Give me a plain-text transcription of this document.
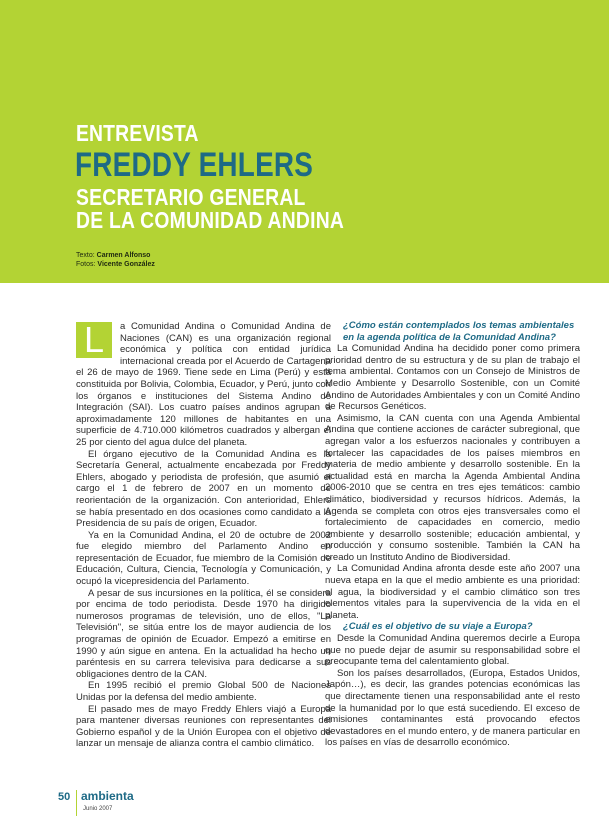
ENTREVISTA
FREDDY EHLERS
SECRETARIO GENERAL
DE LA COMUNIDAD ANDINA
Texto: Carmen Alfonso
Fotos: Vicente González
L	a Comunidad Andina o Comunidad Andina de Naciones (CAN) es una organización regional económica y política con entidad jurídica internacional creada por el Acuerdo de Cartagena el 26 de mayo de 1969. Tiene sede en Lima (Perú) y está constituida por Bolivia, Colombia, Ecuador, y Perú, junto con los órganos e instituciones del Sistema Andino de Integración (SAI). Los cuatro países andinos agrupan a aproximadamente 120 millones de habitantes en una superficie de 4.710.000 kilómetros cuadrados y albergan el 25 por ciento del agua dulce del planeta.

El órgano ejecutivo de la Comunidad Andina es la Secretaría General, actualmente encabezada por Freddy Ehlers, abogado y periodista de profesión, que asumió el cargo el 1 de febrero de 2007 en un momento de reorientación de la organización. Con anterioridad, Ehlers se había presentado en dos ocasiones como candidato a la Presidencia de su país de origen, Ecuador.

Ya en la Comunidad Andina, el 20 de octubre de 2002 fue elegido miembro del Parlamento Andino en representación de Ecuador, fue miembro de la Comisión de Educación, Cultura, Ciencia, Tecnología y Comunicación, y ocupó la vicepresidencia del Parlamento.

A pesar de sus incursiones en la política, él se considera por encima de todo periodista. Desde 1970 ha dirigido numerosos programas de televisión, uno de ellos, "La Televisión", se sitúa entre los de mayor audiencia de los programas de opinión de Ecuador. Empezó a emitirse en 1990 y aún sigue en antena. En la actualidad ha hecho un paréntesis en su carrera televisiva para dedicarse a sus obligaciones dentro de la CAN.

En 1995 recibió el premio Global 500 de Naciones Unidas por la defensa del medio ambiente.

El pasado mes de mayo Freddy Ehlers viajó a Europa para mantener diversas reuniones con representantes del Gobierno español y de la Unión Europea con el objetivo de lanzar un mensaje de alianza contra el cambio climático.

¿Cómo están contemplados los temas ambientales en la agenda política de la Comunidad Andina?

La Comunidad Andina ha decidido poner como primera prioridad dentro de su estructura y de su plan de trabajo el tema ambiental. Contamos con un Consejo de Ministros de Medio Ambiente y Desarrollo Sostenible, con un Comité Andino de Autoridades Ambientales y con un Comité Andino de Recursos Genéticos.

Asimismo, la CAN cuenta con una Agenda Ambiental Andina que contiene acciones de carácter subregional, que agregan valor a los esfuerzos nacionales y contribuyen a fortalecer las capacidades de los países miembros en materia de medio ambiente y desarrollo sostenible. En la actualidad está en marcha la Agenda Ambiental Andina 2006-2010 que se centra en tres ejes temáticos: cambio climático, biodiversidad y recursos hídricos. Además, la Agenda se completa con otros ejes transversales como el fortalecimiento de capacidades en comercio, medio ambiente y desarrollo sostenible; educación ambiental, y producción y consumo sostenible. También la CAN ha creado un Instituto Andino de Biodiversidad.

La Comunidad Andina afronta desde este año 2007 una nueva etapa en la que el medio ambiente es una prioridad: el agua, la biodiversidad y el cambio climático son tres elementos vitales para la supervivencia de la vida en el planeta.

¿Cuál es el objetivo de su viaje a Europa?

Desde la Comunidad Andina queremos decirle a Europa que no puede dejar de asumir su responsabilidad sobre el preocupante tema del calentamiento global.

Son los países desarrollados, (Europa, Estados Unidos, Japón…), es decir, las grandes potencias económicas las que directamente tienen una responsabilidad ante el resto de la humanidad por lo que está sucediendo. El exceso de emisiones contaminantes está provocando efectos devastadores en el mundo entero, y de manera particular en los países en vías de desarrollo económico.

50 ambienta
Junio 2007
